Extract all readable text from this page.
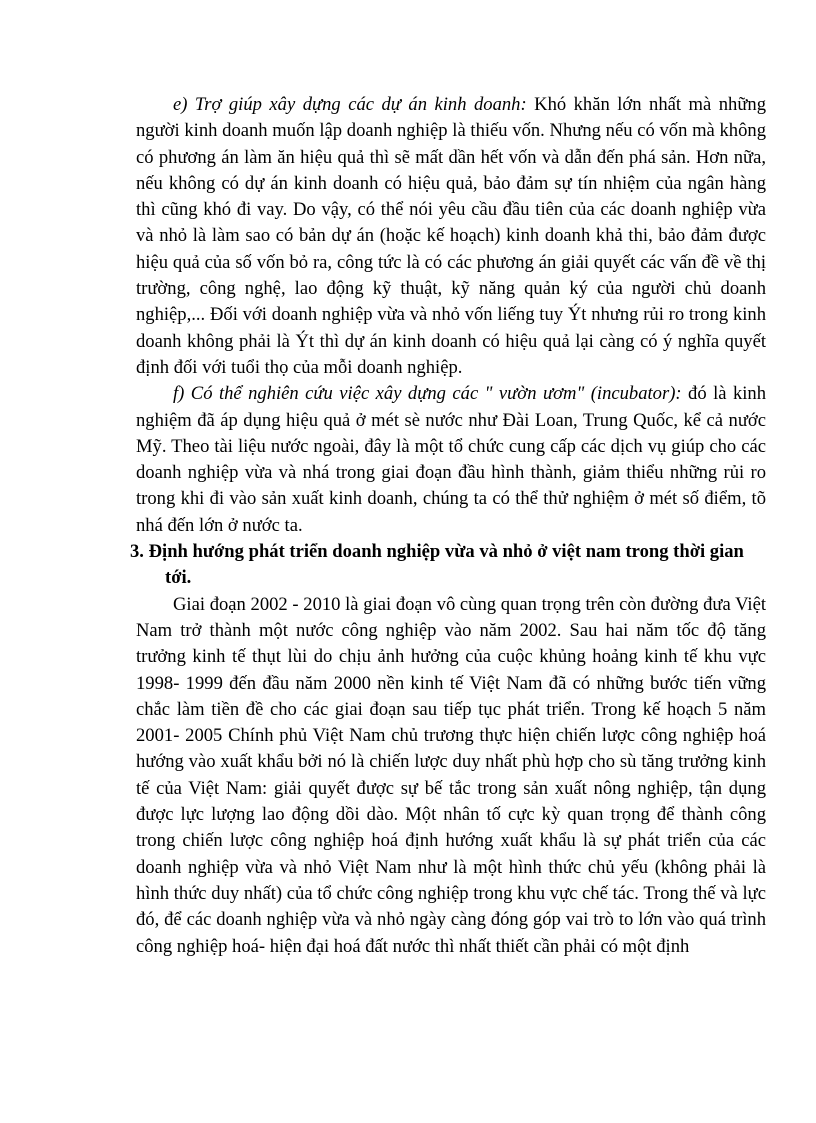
e) Trợ giúp xây dựng các dự án kinh doanh: Khó khăn lớn nhất mà những người kinh doanh muốn lập doanh nghiệp là thiếu vốn. Nhưng nếu có vốn mà không có phương án làm ăn hiệu quả thì sẽ mất dần hết vốn và dẫn đến phá sản. Hơn nữa, nếu không có dự án kinh doanh có hiệu quả, bảo đảm sự tín nhiệm của ngân hàng thì cũng khó đi vay. Do vậy, có thể nói yêu cầu đầu tiên của các doanh nghiệp vừa và nhỏ là làm sao có bản dự án (hoặc kế hoạch) kinh doanh khả thi, bảo đảm được hiệu quả của số vốn bỏ ra, công tức là có các phương án giải quyết các vấn đề về thị trường, công nghệ, lao động kỹ thuật, kỹ năng quản ký của người chủ doanh nghiệp,... Đối với doanh nghiệp vừa và nhỏ vốn liếng tuy Ýt nhưng rủi ro trong kinh doanh không phải là Ýt thì dự án kinh doanh có hiệu quả lại càng có ý nghĩa quyết định đối với tuổi thọ của mỗi doanh nghiệp.

f) Có thể nghiên cứu việc xây dựng các " vườn ươm" (incubator): đó là kinh nghiệm đã áp dụng hiệu quả ở mét sè nước như Đài Loan, Trung Quốc, kể cả nước Mỹ. Theo tài liệu nước ngoài, đây là một tổ chức cung cấp các dịch vụ giúp cho các doanh nghiệp vừa và nhá trong giai đoạn đầu hình thành, giảm thiểu những rủi ro trong khi đi vào sản xuất kinh doanh, chúng ta có thể thử nghiệm ở mét số điểm, tõ nhá đến lớn ở nước ta.

3. Định hướng phát triển doanh nghiệp vừa và nhỏ ở việt nam trong thời gian tới.

Giai đoạn 2002 - 2010 là giai đoạn vô cùng quan trọng trên còn đường đưa Việt Nam trở thành một nước công nghiệp vào năm 2002. Sau hai năm tốc độ tăng trưởng kinh tế thụt lùi do chịu ảnh hưởng của cuộc khủng hoảng kinh tế khu vực 1998- 1999 đến đầu năm 2000 nền kinh tế Việt Nam đã có những bước tiến vững chắc làm tiền đề cho các giai đoạn sau tiếp tục phát triển. Trong kế hoạch 5 năm 2001- 2005 Chính phủ Việt Nam chủ trương thực hiện chiến lược công nghiệp hoá hướng vào xuất khẩu bởi nó là chiến lược duy nhất phù hợp cho sù tăng trưởng kinh tế của Việt Nam: giải quyết được sự bế tắc trong sản xuất nông nghiệp, tận dụng được lực lượng lao động dồi dào. Một nhân tố cực kỳ quan trọng để thành công trong chiến lược công nghiệp hoá định hướng xuất khẩu là sự phát triển của các doanh nghiệp vừa và nhỏ Việt Nam như là một hình thức chủ yếu (không phải là hình thức duy nhất) của tổ chức công nghiệp trong khu vực chế tác. Trong thế và lực đó, để các doanh nghiệp vừa và nhỏ ngày càng đóng góp vai trò to lớn vào quá trình công nghiệp hoá- hiện đại hoá đất nước thì nhất thiết cần phải có một định
